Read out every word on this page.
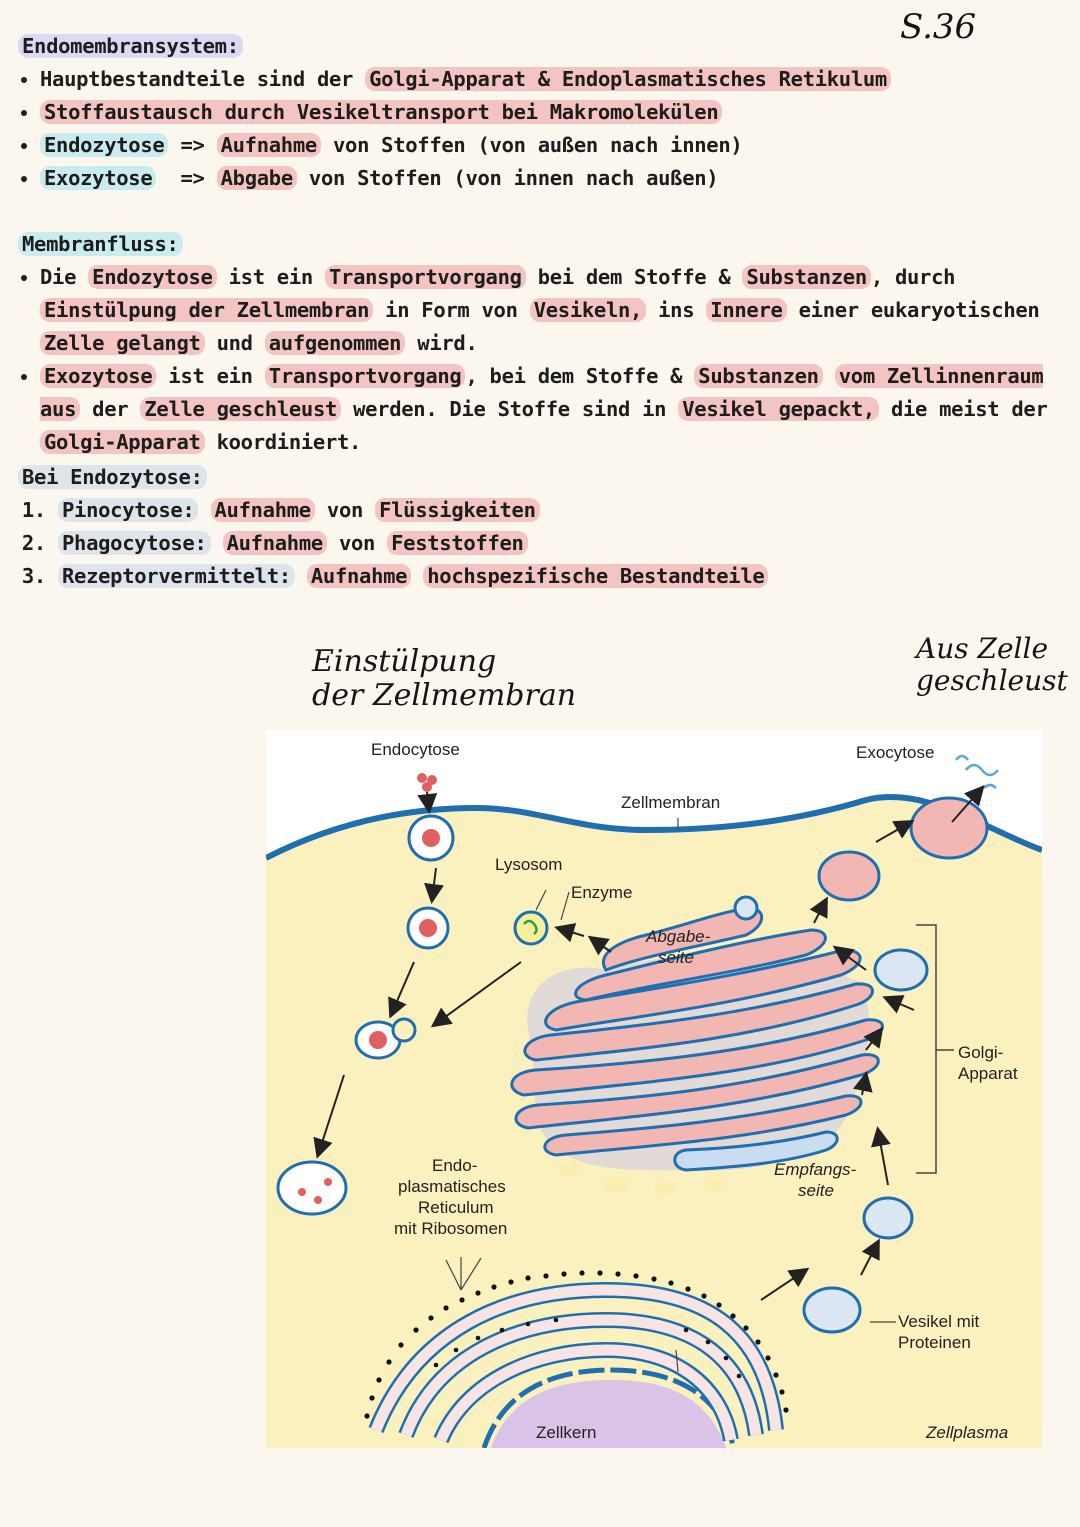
S.36
Endomembransystem:
• Hauptbestandteile sind der Golgi-Apparat & Endoplasmatisches Retikulum
• Stoffaustausch durch Vesikeltransport bei Makromolekülen
• Endozytose => Aufnahme von Stoffen (von außen nach innen)
• Exozytose  => Abgabe von Stoffen (von innen nach außen)
Membranfluss:
• Die Endozytose ist ein Transportvorgang bei dem Stoffe & Substanzen , durch Einstülpung der Zellmembran in Form von Vesikeln, ins Innere einer eukaryotischen Zelle gelangt und aufgenommen wird.
• Exozytose ist ein Transportvorgang , bei dem Stoffe & Substanzen vom Zellinnenraum aus der Zelle geschleust werden. Die Stoffe sind in Vesikel gepackt, die meist der Golgi-Apparat koordiniert.
Bei Endozytose:
1. Pinocytose: Aufnahme von Flüssigkeiten
2. Phagocytose: Aufnahme von Feststoffen
3. Rezeptorvermittelt: Aufnahme hochspezifische Bestandteile
Einstülpung
der Zellmembran
Aus Zelle
geschleust
Endocytose	Exocytose
Zellmembran
Lysosom
Enzyme
Abgabe-
seite
Golgi-
Apparat
Empfangs-
seite
Endo-
plasmatisches
Reticulum
mit Ribosomen
Vesikel mit
Proteinen
Zellkern	Zellplasma
